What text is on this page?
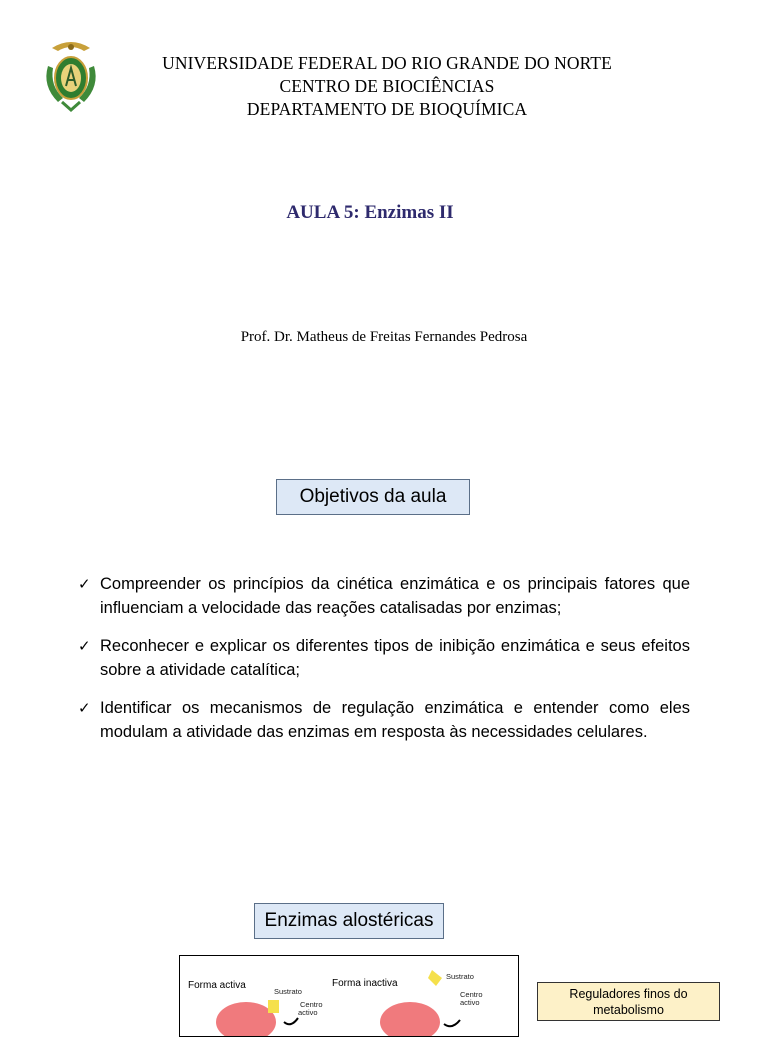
UNIVERSIDADE FEDERAL DO RIO GRANDE DO NORTE
CENTRO DE BIOCIÊNCIAS
DEPARTAMENTO DE BIOQUÍMICA
AULA 5: Enzimas II
Prof. Dr. Matheus de Freitas Fernandes Pedrosa
Objetivos da aula
✓ Compreender os princípios da cinética enzimática e os principais fatores que influenciam a velocidade das reações catalisadas por enzimas;
✓ Reconhecer e explicar os diferentes tipos de inibição enzimática e seus efeitos sobre a atividade catalítica;
✓ Identificar os mecanismos de regulação enzimática e entender como eles modulam a atividade das enzimas em resposta às necessidades celulares.
Enzimas alostéricas
Forma activa
Sustrato
Centro
activo
Forma inactiva
Sustrato
Centro
activo
Reguladores finos do metabolismo
